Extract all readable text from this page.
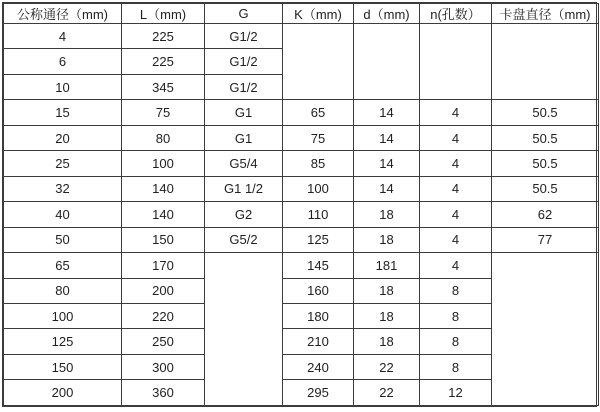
公称通径（mm)	L（mm)	G	K（mm)	d（mm)	n(孔数）	卡盘直径（mm)
4	225	G1/2				
6	225	G1/2				
10	345	G1/2				
15	75	G1	65	14	4	50.5
20	80	G1	75	14	4	50.5
25	100	G5/4	85	14	4	50.5
32	140	G1 1/2	100	14	4	50.5
40	140	G2	110	18	4	62
50	150	G5/2	125	18	4	77
65	170		145	181	4	
80	200		160	18	8	
100	220		180	18	8	
125	250		210	18	8	
150	300		240	22	8	
200	360		295	22	12	
